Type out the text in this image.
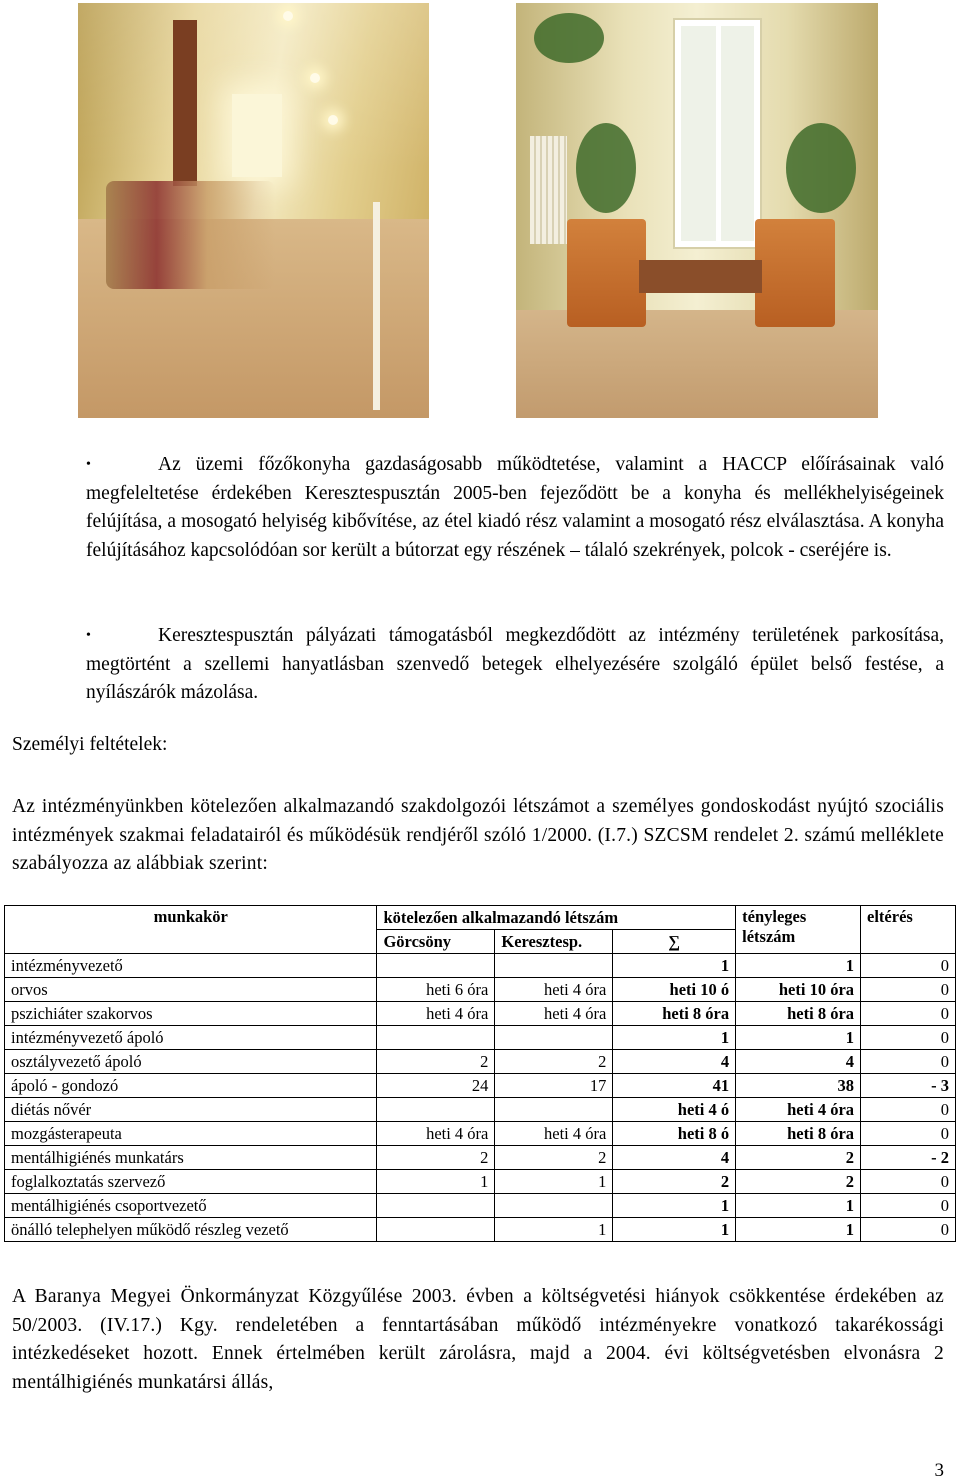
•	Az üzemi főzőkonyha gazdaságosabb működtetése, valamint a HACCP előírásainak való megfeleltetése érdekében Keresztespusztán 2005-ben fejeződött be a konyha és mellékhelyiségeinek felújítása, a mosogató helyiség kibővítése, az étel kiadó rész valamint a mosogató rész elválasztása. A konyha felújításához kapcsolódóan sor került a bútorzat egy részének – tálaló szekrények, polcok - cseréjére is.

•	Keresztespusztán pályázati támogatásból megkezdődött az intézmény területének parkosítása, megtörtént a szellemi hanyatlásban szenvedő betegek elhelyezésére szolgáló épület belső festése, a nyílászárók mázolása.

Személyi feltételek:

Az intézményünkben kötelezően alkalmazandó szakdolgozói létszámot a személyes gondoskodást nyújtó szociális intézmények szakmai feladatairól és működésük rendjéről szóló 1/2000. (I.7.) SZCSM rendelet 2. számú melléklete szabályozza az alábbiak szerint:

munkakör	kötelezően alkalmazandó létszám			tényleges
létszám	eltérés
	Görcsöny	Keresztesp.	∑		
intézményvezető			1	1	0
orvos	heti 6 óra	heti 4 óra	heti 10 ó	heti 10 óra	0
pszichiáter szakorvos	heti 4 óra	heti 4 óra	heti 8 óra	heti 8 óra	0
intézményvezető ápoló			1	1	0
osztályvezető ápoló	2	2	4	4	0
ápoló - gondozó	24	17	41	38	- 3
diétás nővér			heti 4 ó	heti 4 óra	0
mozgásterapeuta	heti 4 óra	heti 4 óra	heti 8 ó	heti 8 óra	0
mentálhigiénés munkatárs	2	2	4	2	- 2
foglalkoztatás szervező	1	1	2	2	0
mentálhigiénés csoportvezető			1	1	0
önálló telephelyen működő részleg vezető		1	1	1	0

A Baranya Megyei Önkormányzat Közgyűlése 2003. évben a költségvetési hiányok csökkentése érdekében az 50/2003. (IV.17.) Kgy. rendeletében a fenntartásában működő intézményekre vonatkozó takarékossági intézkedéseket hozott. Ennek értelmében került zárolásra, majd a 2004. évi költségvetésben elvonásra 2 mentálhigiénés munkatársi állás,

3
